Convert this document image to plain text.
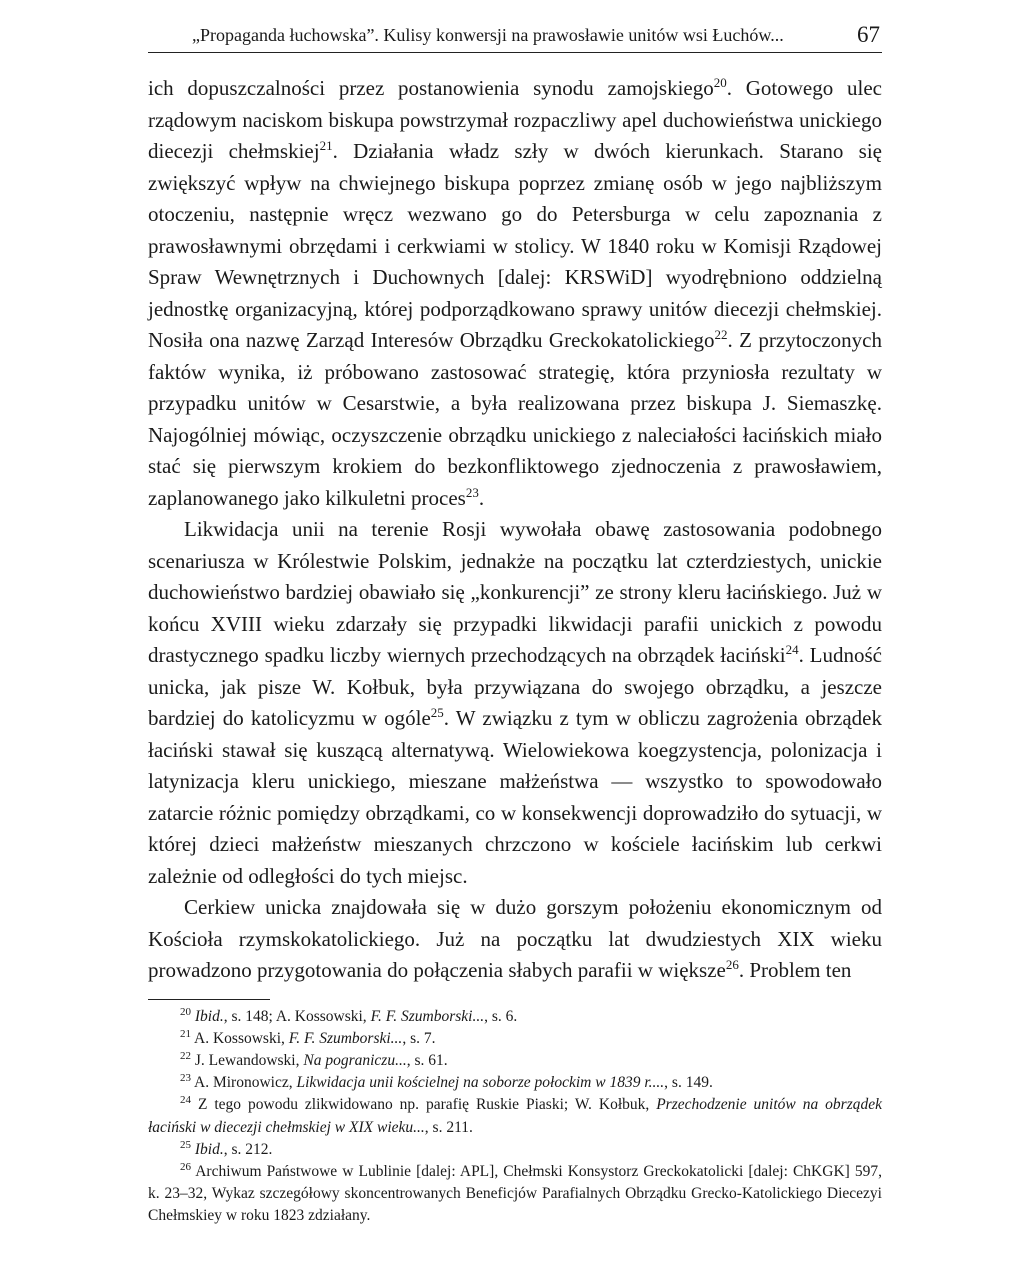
„Propaganda łuchowska”. Kulisy konwersji na prawosławie unitów wsi Łuchów...	67

ich dopuszczalności przez postanowienia synodu zamojskiego$^{20}$. Gotowego ulec rządowym naciskom biskupa powstrzymał rozpaczliwy apel duchowieństwa unickiego diecezji chełmskiej$^{21}$. Działania władz szły w dwóch kierunkach. Starano się zwiększyć wpływ na chwiejnego biskupa poprzez zmianę osób w jego najbliższym otoczeniu, następnie wręcz wezwano go do Petersburga w celu zapoznania z prawosławnymi obrzędami i cerkwiami w stolicy. W 1840 roku w Komisji Rządowej Spraw Wewnętrznych i Duchownych [dalej: KRSWiD] wyodrębniono oddzielną jednostkę organizacyjną, której podporządkowano sprawy unitów diecezji chełmskiej. Nosiła ona nazwę Zarząd Interesów Obrządku Greckokatolickiego$^{22}$. Z przytoczonych faktów wynika, iż próbowano zastosować strategię, która przyniosła rezultaty w przypadku unitów w Cesarstwie, a była realizowana przez biskupa J. Siemaszkę. Najogólniej mówiąc, oczyszczenie obrządku unickiego z naleciałości łacińskich miało stać się pierwszym krokiem do bezkonfliktowego zjednoczenia z prawosławiem, zaplanowanego jako kilkuletni proces$^{23}$.

Likwidacja unii na terenie Rosji wywołała obawę zastosowania podobnego scenariusza w Królestwie Polskim, jednakże na początku lat czterdziestych, unickie duchowieństwo bardziej obawiało się „konkurencji” ze strony kleru łacińskiego. Już w końcu XVIII wieku zdarzały się przypadki likwidacji parafii unickich z powodu drastycznego spadku liczby wiernych przechodzących na obrządek łaciński$^{24}$. Ludność unicka, jak pisze W. Kołbuk, była przywiązana do swojego obrządku, a jeszcze bardziej do katolicyzmu w ogóle$^{25}$. W związku z tym w obliczu zagrożenia obrządek łaciński stawał się kuszącą alternatywą. Wielowiekowa koegzystencja, polonizacja i latynizacja kleru unickiego, mieszane małżeństwa — wszystko to spowodowało zatarcie różnic pomiędzy obrządkami, co w konsekwencji doprowadziło do sytuacji, w której dzieci małżeństw mieszanych chrzczono w kościele łacińskim lub cerkwi zależnie od odległości do tych miejsc.

Cerkiew unicka znajdowała się w dużo gorszym położeniu ekonomicznym od Kościoła rzymskokatolickiego. Już na początku lat dwudziestych XIX wieku prowadzono przygotowania do połączenia słabych parafii w większe$^{26}$. Problem ten

$^{20}$ Ibid., s. 148; A. Kossowski, F. F. Szumborski..., s. 6.

$^{21}$ A. Kossowski, F. F. Szumborski..., s. 7.

$^{22}$ J. Lewandowski, Na pograniczu..., s. 61.

$^{23}$ A. Mironowicz, Likwidacja unii kościelnej na soborze połockim w 1839 r...., s. 149.

$^{24}$ Z tego powodu zlikwidowano np. parafię Ruskie Piaski; W. Kołbuk, Przechodzenie unitów na obrządek łaciński w diecezji chełmskiej w XIX wieku..., s. 211.

$^{25}$ Ibid., s. 212.

$^{26}$ Archiwum Państwowe w Lublinie [dalej: APL], Chełmski Konsystorz Greckokatolicki [dalej: ChKGK] 597, k. 23–32, Wykaz szczegółowy skoncentrowanych Beneficjów Parafialnych Obrządku Grecko-Katolickiego Diecezyi Chełmskiey w roku 1823 zdziałany.
